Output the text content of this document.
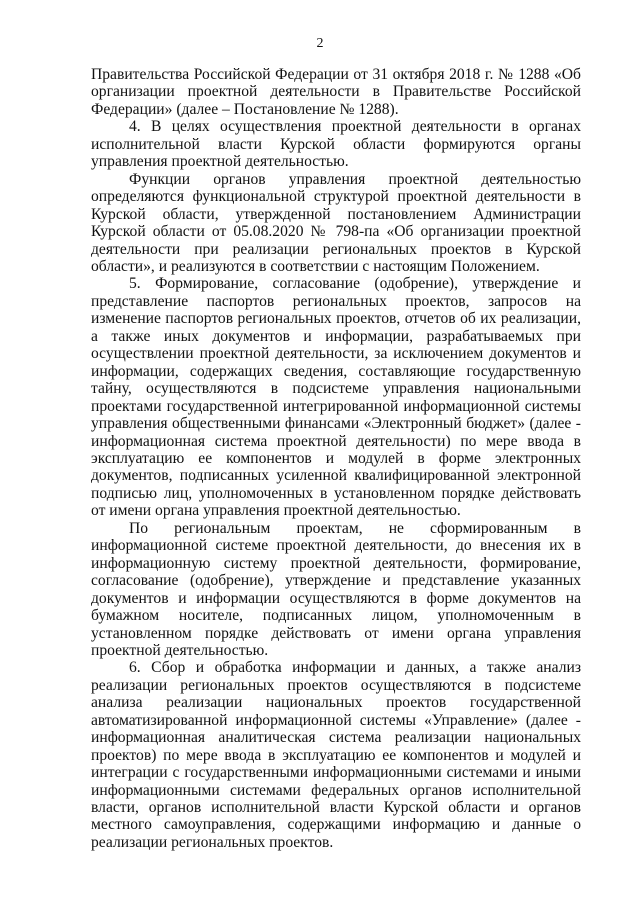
2

Правительства Российской Федерации от 31 октября 2018 г. № 1288 «Об организации проектной деятельности в Правительстве Российской Федерации» (далее – Постановление № 1288).

4. В целях осуществления проектной деятельности в органах исполнительной власти Курской области формируются органы управления проектной деятельностью.

Функции органов управления проектной деятельностью определяются функциональной структурой проектной деятельности в Курской области, утвержденной постановлением Администрации Курской области от 05.08.2020 № 798-па «Об организации проектной деятельности при реализации региональных проектов в Курской области», и реализуются в соответствии с настоящим Положением.

5. Формирование, согласование (одобрение), утверждение и представление паспортов региональных проектов, запросов на изменение паспортов региональных проектов, отчетов об их реализации, а также иных документов и информации, разрабатываемых при осуществлении проектной деятельности, за исключением документов и информации, содержащих сведения, составляющие государственную тайну, осуществляются в подсистеме управления национальными проектами государственной интегрированной информационной системы управления общественными финансами «Электронный бюджет» (далее - информационная система проектной деятельности) по мере ввода в эксплуатацию ее компонентов и модулей в форме электронных документов, подписанных усиленной квалифицированной электронной подписью лиц, уполномоченных в установленном порядке действовать от имени органа управления проектной деятельностью.

По региональным проектам, не сформированным в информационной системе проектной деятельности, до внесения их в информационную систему проектной деятельности, формирование, согласование (одобрение), утверждение и представление указанных документов и информации осуществляются в форме документов на бумажном носителе, подписанных лицом, уполномоченным в установленном порядке действовать от имени органа управления проектной деятельностью.

6. Сбор и обработка информации и данных, а также анализ реализации региональных проектов осуществляются в подсистеме анализа реализации национальных проектов государственной автоматизированной информационной системы «Управление» (далее - информационная аналитическая система реализации национальных проектов) по мере ввода в эксплуатацию ее компонентов и модулей и интеграции с государственными информационными системами и иными информационными системами федеральных органов исполнительной власти, органов исполнительной власти Курской области и органов местного самоуправления, содержащими информацию и данные о реализации региональных проектов.
